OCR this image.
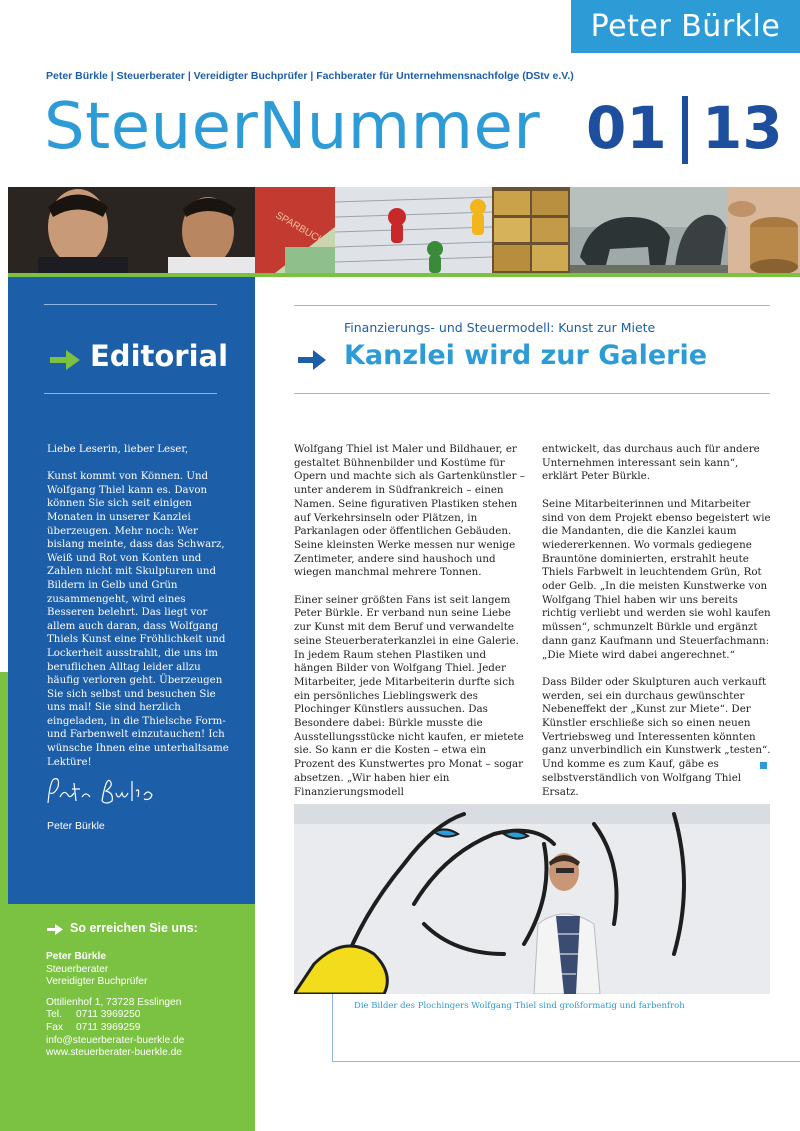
Peter Bürkle
Peter Bürkle | Steuerberater | Vereidigter Buchprüfer | Fachberater für Unternehmensnachfolge (DStv e.V.)
SteuerNummer 01 13
SPARBUCH
Editorial

Liebe Leserin, lieber Leser,

Kunst kommt von Können. Und Wolfgang Thiel kann es. Davon können Sie sich seit einigen Monaten in unserer Kanzlei überzeugen. Mehr noch: Wer bislang meinte, dass das Schwarz, Weiß und Rot von Konten und Zahlen nicht mit Skulpturen und Bildern in Gelb und Grün zusammengeht, wird eines Besseren belehrt. Das liegt vor allem auch daran, dass Wolfgang Thiels Kunst eine Fröhlichkeit und Lockerheit ausstrahlt, die uns im beruflichen Alltag leider allzu häufig verloren geht. Überzeugen Sie sich selbst und besuchen Sie uns mal! Sie sind herzlich eingeladen, in die Thielsche Form- und Farbenwelt einzutauchen! Ich wünsche Ihnen eine unterhaltsame Lektüre!

Peter Bürkle
So erreichen Sie uns:
Peter Bürkle
Steuerberater
Vereidigter Buchprüfer
Ottilienhof 1, 73728 Esslingen
Tel. 0711 3969250
Fax 0711 3969259
info@steuerberater-buerkle.de
www.steuerberater-buerkle.de
Finanzierungs- und Steuermodell: Kunst zur Miete
Kanzlei wird zur Galerie

Wolfgang Thiel ist Maler und Bildhauer, er gestaltet Bühnenbilder und Kostüme für Opern und machte sich als Gartenkünstler – unter anderem in Südfrankreich – einen Namen. Seine figurativen Plastiken stehen auf Verkehrsinseln oder Plätzen, in Parkanlagen oder öffentlichen Gebäuden. Seine kleinsten Werke messen nur wenige Zentimeter, andere sind haushoch und wiegen manchmal mehrere Tonnen.

Einer seiner größten Fans ist seit langem Peter Bürkle. Er verband nun seine Liebe zur Kunst mit dem Beruf und verwandelte seine Steuerberaterkanzlei in eine Galerie. In jedem Raum stehen Plastiken und hängen Bilder von Wolfgang Thiel. Jeder Mitarbeiter, jede Mitarbeiterin durfte sich ein persönliches Lieblingswerk des Plochinger Künstlers aussuchen. Das Besondere dabei: Bürkle musste die Ausstellungsstücke nicht kaufen, er mietete sie. So kann er die Kosten – etwa ein Prozent des Kunstwertes pro Monat – sogar absetzen. „Wir haben hier ein Finanzierungsmodell

entwickelt, das durchaus auch für andere Unternehmen interessant sein kann“, erklärt Peter Bürkle.

Seine Mitarbeiterinnen und Mitarbeiter sind von dem Projekt ebenso begeistert wie die Mandanten, die die Kanzlei kaum wiedererkennen. Wo vormals gediegene Brauntöne dominierten, erstrahlt heute Thiels Farbwelt in leuchtendem Grün, Rot oder Gelb. „In die meisten Kunstwerke von Wolfgang Thiel haben wir uns bereits richtig verliebt und werden sie wohl kaufen müssen“, schmunzelt Bürkle und ergänzt dann ganz Kaufmann und Steuerfachmann: „Die Miete wird dabei angerechnet.“

Dass Bilder oder Skulpturen auch verkauft werden, sei ein durchaus gewünschter Nebeneffekt der „Kunst zur Miete“. Der Künstler erschließe sich so einen neuen Vertriebsweg und Interessenten könnten ganz unverbindlich ein Kunstwerk „testen“. Und komme es zum Kauf, gäbe es selbstverständlich von Wolfgang Thiel Ersatz.

Die Bilder des Plochingers Wolfgang Thiel sind großformatig und farbenfroh
